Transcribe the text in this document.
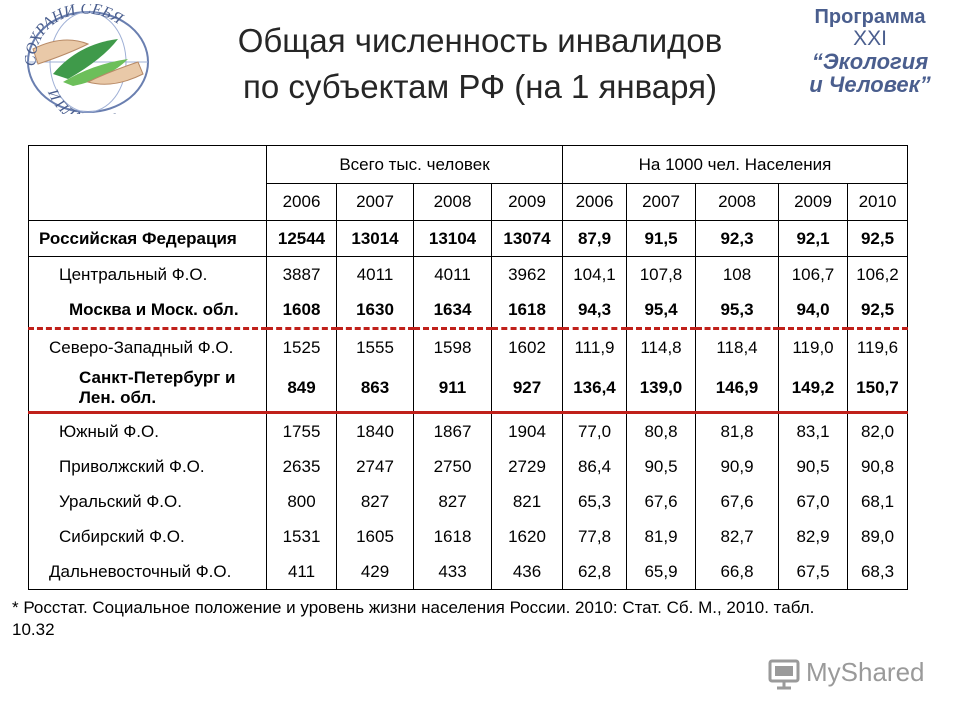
СОХРАНИ СЕБЯ
И ПЛ
Программа
XXI
“Экология
и Человек”
Общая численность инвалидов
по субъектам РФ (на 1 января)
	Всего тыс. человек				На 1000 чел. Населения				
	2006	2007	2008	2009	2006	2007	2008	2009	2010
Российская Федерация	12544	13014	13104	13074	87,9	91,5	92,3	92,1	92,5
Центральный Ф.О.	3887	4011	4011	3962	104,1	107,8	108	106,7	106,2
Москва и Моск. обл.	1608	1630	1634	1618	94,3	95,4	95,3	94,0	92,5
Северо-Западный Ф.О.	1525	1555	1598	1602	111,9	114,8	118,4	119,0	119,6

Санкт-Петербург и
Лен. обл.	849	863	911	927	136,4	139,0	146,9	149,2	150,7
Южный Ф.О.	1755	1840	1867	1904	77,0	80,8	81,8	83,1	82,0
Приволжский Ф.О.	2635	2747	2750	2729	86,4	90,5	90,9	90,5	90,8
Уральский Ф.О.	800	827	827	821	65,3	67,6	67,6	67,0	68,1
Сибирский Ф.О.	1531	1605	1618	1620	77,8	81,9	82,7	82,9	89,0
Дальневосточный Ф.О.	411	429	433	436	62,8	65,9	66,8	67,5	68,3
* Росстат. Социальное положение и уровень жизни населения России. 2010: Стат. Сб. М., 2010. табл.
10.32
MyShared
